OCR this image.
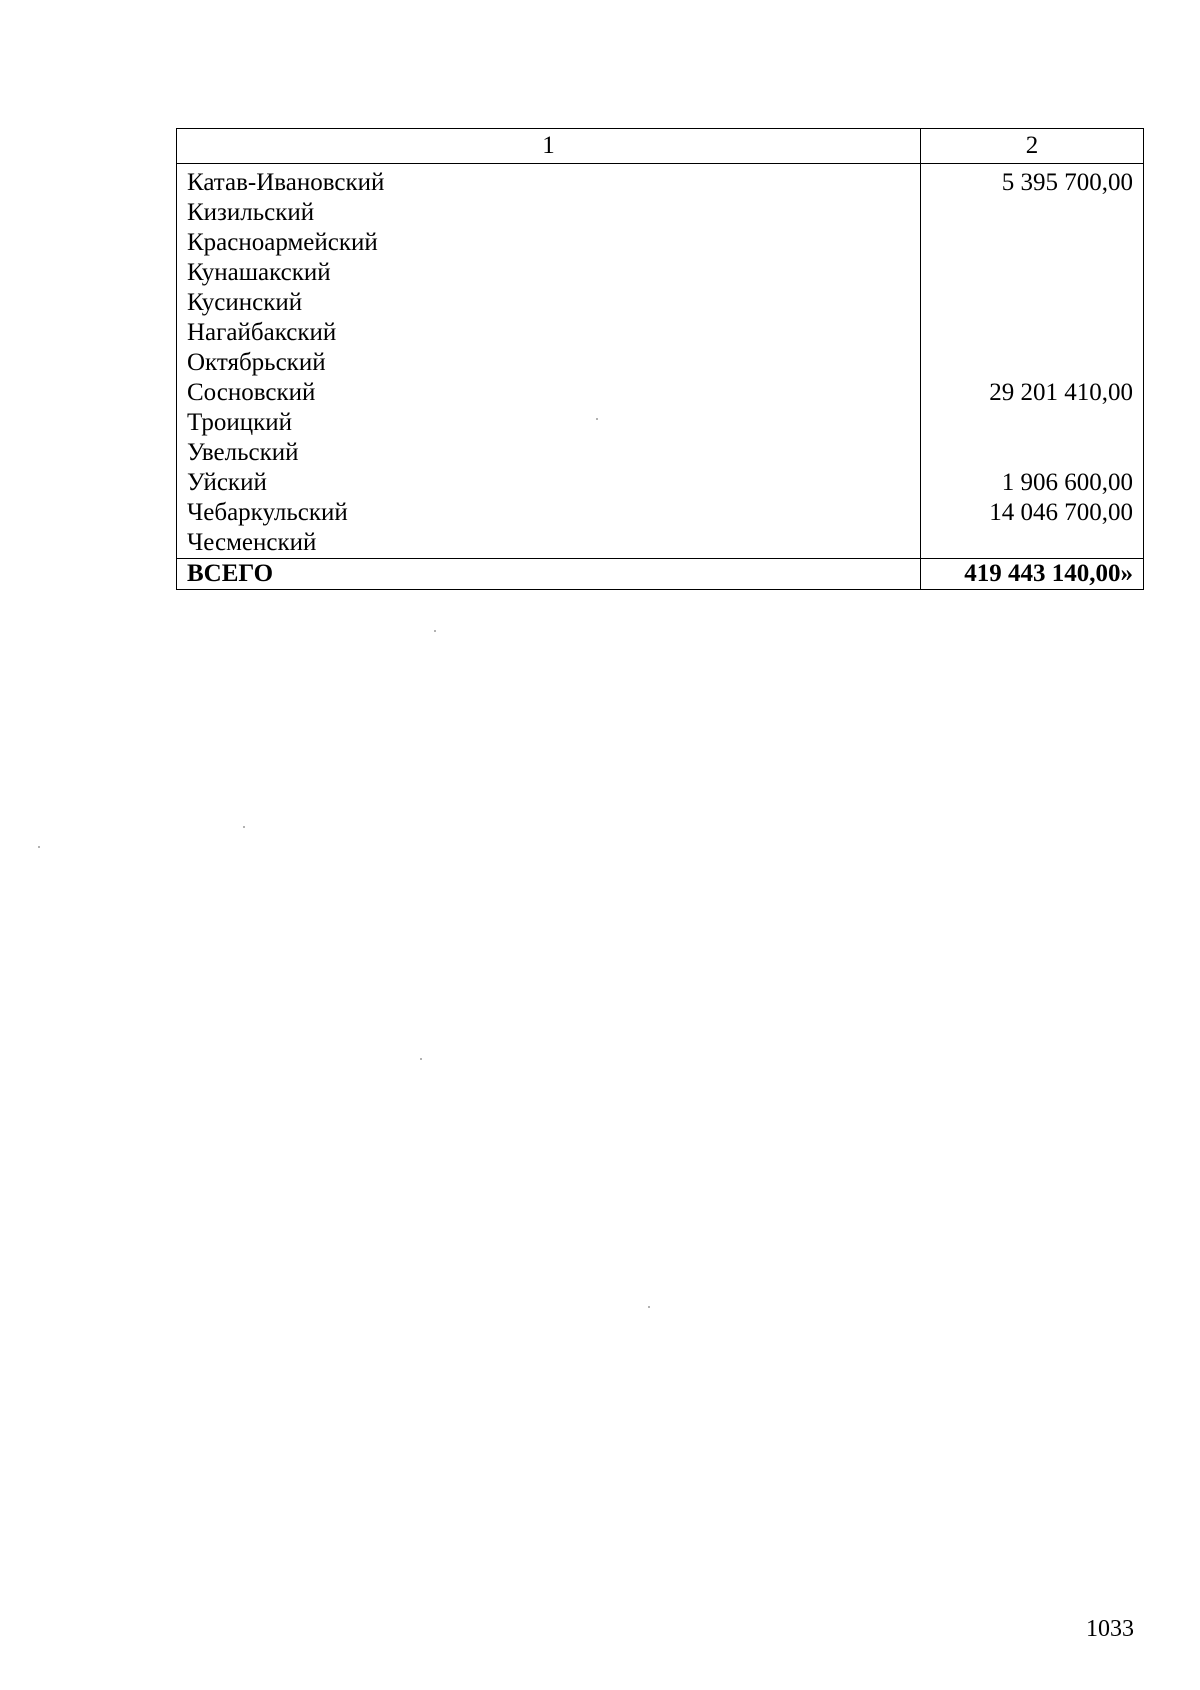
1	2
Катав-Ивановский	5 395 700,00
Кизильский	
Красноармейский	
Кунашакский	
Кусинский	
Нагайбакский	
Октябрьский	
Сосновский	29 201 410,00
Троицкий	
Увельский	
Уйский	1 906 600,00
Чебаркульский	14 046 700,00
Чесменский	
ВСЕГО	419 443 140,00»
1033
